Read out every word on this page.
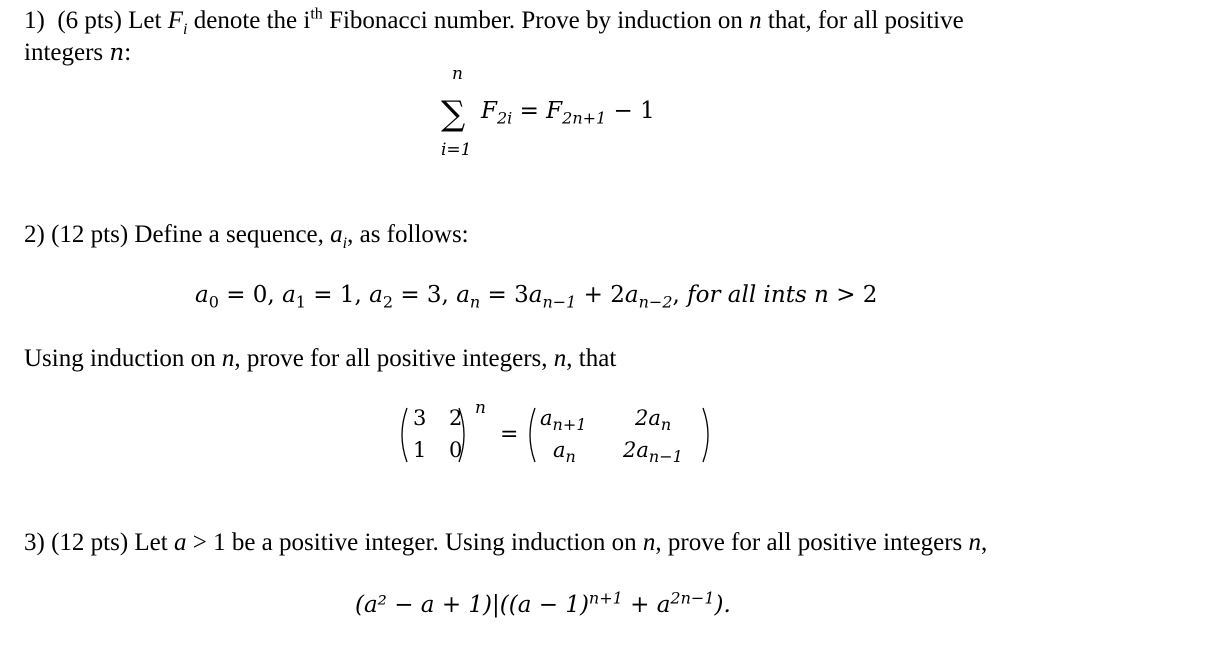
1) (6 pts) Let $F_i$ denote the $i^{th}$ Fibonacci number. Prove by induction on n that, for all positive
integers n:
n
∑
i=1
$F_{2i} = F_{2n+1} - 1$
2) (12 pts) Define a sequence, $a_i$, as follows:
$a_0 = 0$, $a_1 = 1$, $a_2 = 3$, $a_n = 3a_{n-1} + 2a_{n-2}$, for all ints n > 2
Using induction on n, prove for all positive integers, n, that
3 2
1 0
n
=
$a_{n+1}$ $2a_n$
$a_n$ $2a_{n-1}$
3) (12 pts) Let a > 1 be a positive integer. Using induction on n, prove for all positive integers n,
$(a^2 - a + 1)|((a - 1)^{n+1} + a^{2n-1})$.
